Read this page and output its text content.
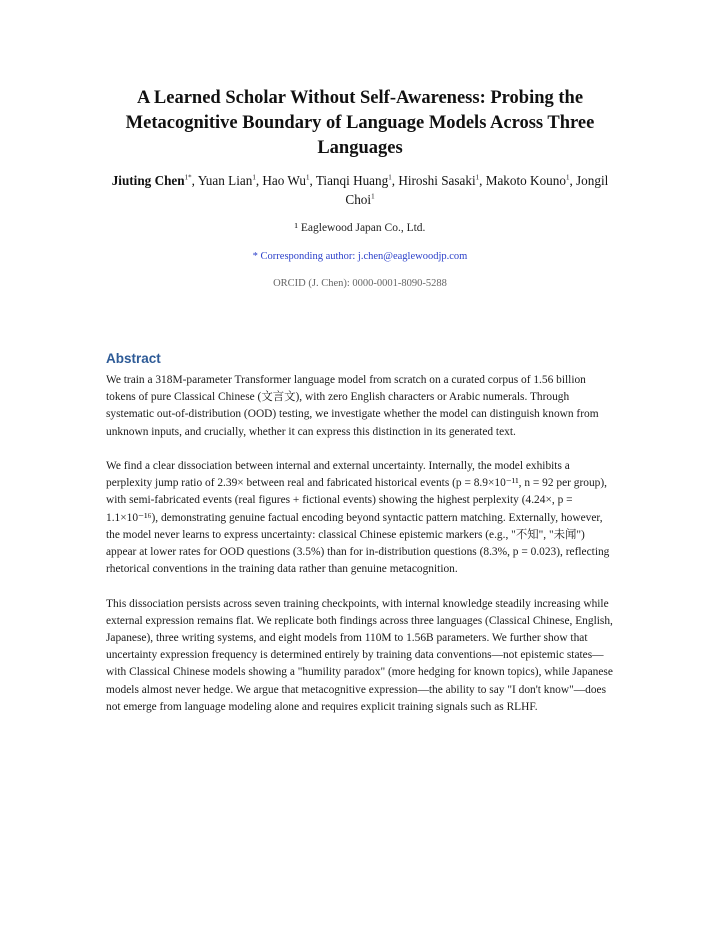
A Learned Scholar Without Self-Awareness: Probing the Metacognitive Boundary of Language Models Across Three Languages
Jiuting Chen$^{1*}$, Yuan Lian$^1$, Hao Wu$^1$, Tianqi Huang$^1$, Hiroshi Sasaki$^1$, Makoto Kouno$^1$, Jongil Choi$^1$
¹ Eaglewood Japan Co., Ltd.
* Corresponding author: j.chen@eaglewoodjp.com
ORCID (J. Chen): 0000-0001-8090-5288
Abstract

We train a 318M-parameter Transformer language model from scratch on a curated corpus of 1.56 billion tokens of pure Classical Chinese (文言文), with zero English characters or Arabic numerals. Through systematic out-of-distribution (OOD) testing, we investigate whether the model can distinguish known from unknown inputs, and crucially, whether it can express this distinction in its generated text.

We find a clear dissociation between internal and external uncertainty. Internally, the model exhibits a perplexity jump ratio of 2.39× between real and fabricated historical events (p = 8.9×10⁻¹¹, n = 92 per group), with semi-fabricated events (real figures + fictional events) showing the highest perplexity (4.24×, p = 1.1×10⁻¹⁶), demonstrating genuine factual encoding beyond syntactic pattern matching. Externally, however, the model never learns to express uncertainty: classical Chinese epistemic markers (e.g., "不知", "未闻") appear at lower rates for OOD questions (3.5%) than for in-distribution questions (8.3%, p = 0.023), reflecting rhetorical conventions in the training data rather than genuine metacognition.

This dissociation persists across seven training checkpoints, with internal knowledge steadily increasing while external expression remains flat. We replicate both findings across three languages (Classical Chinese, English, Japanese), three writing systems, and eight models from 110M to 1.56B parameters. We further show that uncertainty expression frequency is determined entirely by training data conventions—not epistemic states—with Classical Chinese models showing a "humility paradox" (more hedging for known topics), while Japanese models almost never hedge. We argue that metacognitive expression—the ability to say "I don't know"—does not emerge from language modeling alone and requires explicit training signals such as RLHF.
